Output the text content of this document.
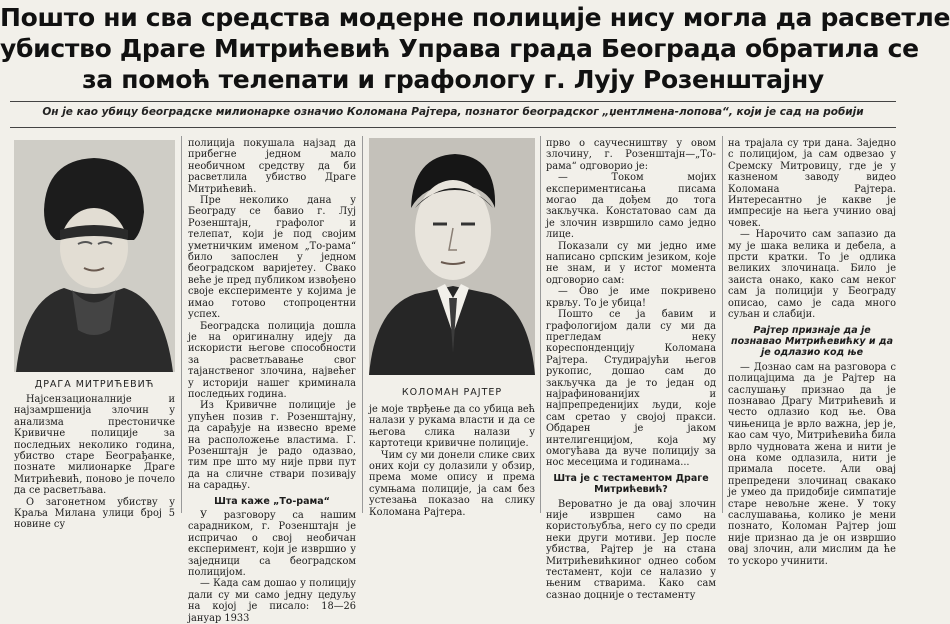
Пошто ни сва средства модерне полиције нису могла да расветле
убиство Драге Митрићевић Управа града Београда обратила се
за помоћ телепати и графологу г. Лују Розенштајну
Он је као убицу београдске милионарке означио Коломана Рајтера, познатог београдског „џентлмена-лопова“, који је сад на робији
ДРАГА МИТРИЋЕВИЋ

Најсензационалније и најзамршенија злочин у анализма престоничке Кривичне полиције за последњих неколико година, убиство старе Београђанке, познате милионарке Драге Митрићевић, поново је почело да се расветљава.

О загонетном убиству у Краља Милана улици број 5 новине су

полиција покушала најзад да прибегне једном мало необичном средству да би расветлила убиство Драге Митрићевић.

Пре неколико дана у Београду се бавио г. Луј Розенштајн, графолог и телепат, који је под својим уметничким именом „То-рама“ било запослен у једном београдском варијетеу. Свако веће је пред публиком извођено своје експерименте у којима је имао готово стопроцентни успех.

Београдска полиција дошла је на оригиналну идеју да искористи његове способности за расветљавање свог тајанственог злочина, највећег у историји нашег криминала последњих година.

Из Кривичне полиције је упућен позив г. Розенштајну, да сарађује на извесно време на расположење властима. Г. Розенштајн је радо одазвао, тим пре што му није први пут да на сличне ствари позивају на сарадњу.

Шта каже „То-рама“

У разговору са нашим сарадником, г. Розенштајн је испричао о свој необичан експеримент, који је извршио у заједници са београдском полицијом.

— Када сам дошао у полицију дали су ми само једну цедуљу на којој је писало: 18—26 јануар 1933

КОЛОМАН РАЈТЕР

прво о саучесништву у овом злочину, г. Розенштајн—„То-рама“ одговорио је:

— Током мојих експериментисања писама могао да дођем до тога закључка. Констатовао сам да је злочин извршило само једно лице.

Показали су ми једно име написано српским језиком, које не знам, и у истог момента одговорио сам:

— Ово је име покривено крвљу. То је убица!

Пошто се ја бавим и графологијом дали су ми да прегледам неку кореспонденцију Коломана Рајтера. Студирајући његов рукопис, дошао сам до закључка да је то један од најрафинованијих и најпрепреденијих људи, које сам сретао у својој пракси. Обдарен је јаком интелигенцијом, која му омогућава да вуче полицију за нос месецима и годинама...

Шта је с тестаментом Драге Митрићевић?

Вероватно је да овај злочин није извршен само на користољубља, него су по среди неки други мотиви. Јер после убиства, Рајтер је на стана Митрићевићкиног однео собом тестамент, који се налазио у њеним стварима. Како сам сазнао доцније о тестаменту

је моје тврђење да со убица већ налази у рукама власти и да се његова слика налази у картотеци кривичне полиције.

Чим су ми донели слике свих оних који су долазили у обзир, према моме опису и према сумњама полиције, ја сам без устезања показао на слику Коломана Рајтера.

на трајала су три дана. Заједно с полицијом, ја сам одвезао у Сремску Митровицу, где је у казненом заводу видео Коломана Рајтера. Интересантно је какве је импресије на њега учинио овај човек.

— Нарочито сам запазио да му је шака велика и дебела, а прсти кратки. То је одлика великих злочинаца. Било је заиста онако, како сам неког сам ја полицији у Београду описао, само је сада много суљан и слабији.

Рајтер признаје да је познавао Митрићевићку и да је одлазио код ње

— Дознао сам на разговора с полицајцима да је Рајтер на саслушању признао да је познавао Драгу Митрићевић и често одлазио код ње. Ова чињеница је врло важна, јер је, као сам чуо, Митрићевића била врло чудновата жена и нити је она коме одлазила, нити је примала посете. Али овај препредени злочинац свакако је умео да придобије симпатије старе невољне жене. У току саслушавања, колико је мени познато, Коломан Рајтер још није признао да је он извршио овај злочин, али мислим да ће то ускоро учинити.
